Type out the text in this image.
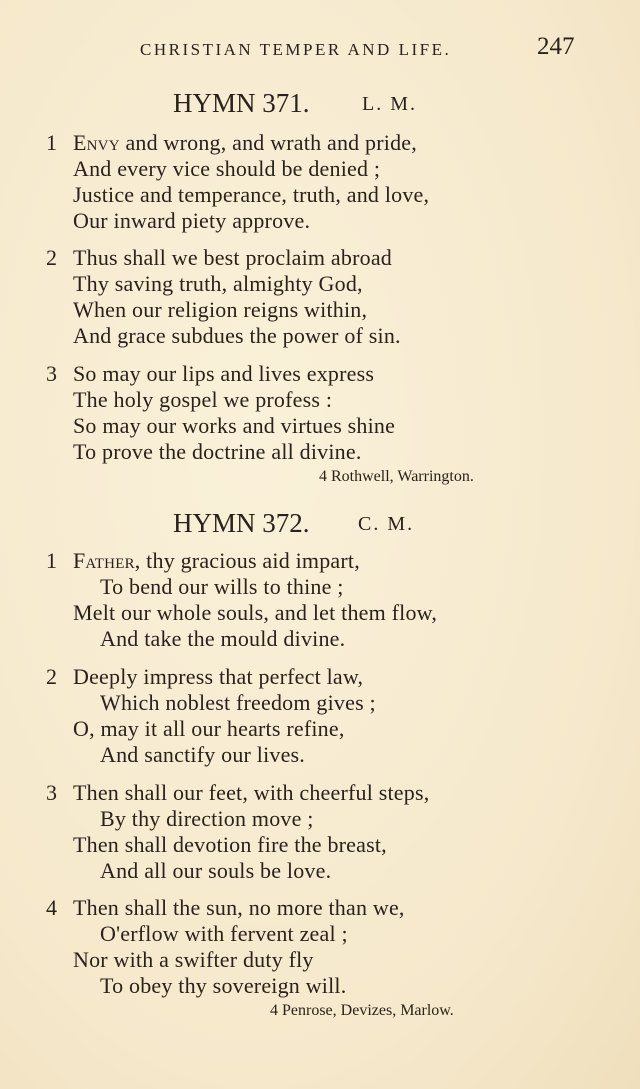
CHRISTIAN TEMPER AND LIFE.	247
HYMN 371.	L. M.
1 Envy and wrong, and wrath and pride,
And every vice should be denied ;
Justice and temperance, truth, and love,
Our inward piety approve.
2 Thus shall we best proclaim abroad
Thy saving truth, almighty God,
When our religion reigns within,
And grace subdues the power of sin.
3 So may our lips and lives express
The holy gospel we profess :
So may our works and virtues shine
To prove the doctrine all divine.
4 Rothwell, Warrington.
HYMN 372. C. M.
1 Father, thy gracious aid impart,
To bend our wills to thine ;
Melt our whole souls, and let them flow,
And take the mould divine.
2 Deeply impress that perfect law,
Which noblest freedom gives ;
O, may it all our hearts refine,
And sanctify our lives.
3 Then shall our feet, with cheerful steps,
By thy direction move ;
Then shall devotion fire the breast,
And all our souls be love.
4 Then shall the sun, no more than we,
O'erflow with fervent zeal ;
Nor with a swifter duty fly
To obey thy sovereign will.
4 Penrose, Devizes, Marlow.
